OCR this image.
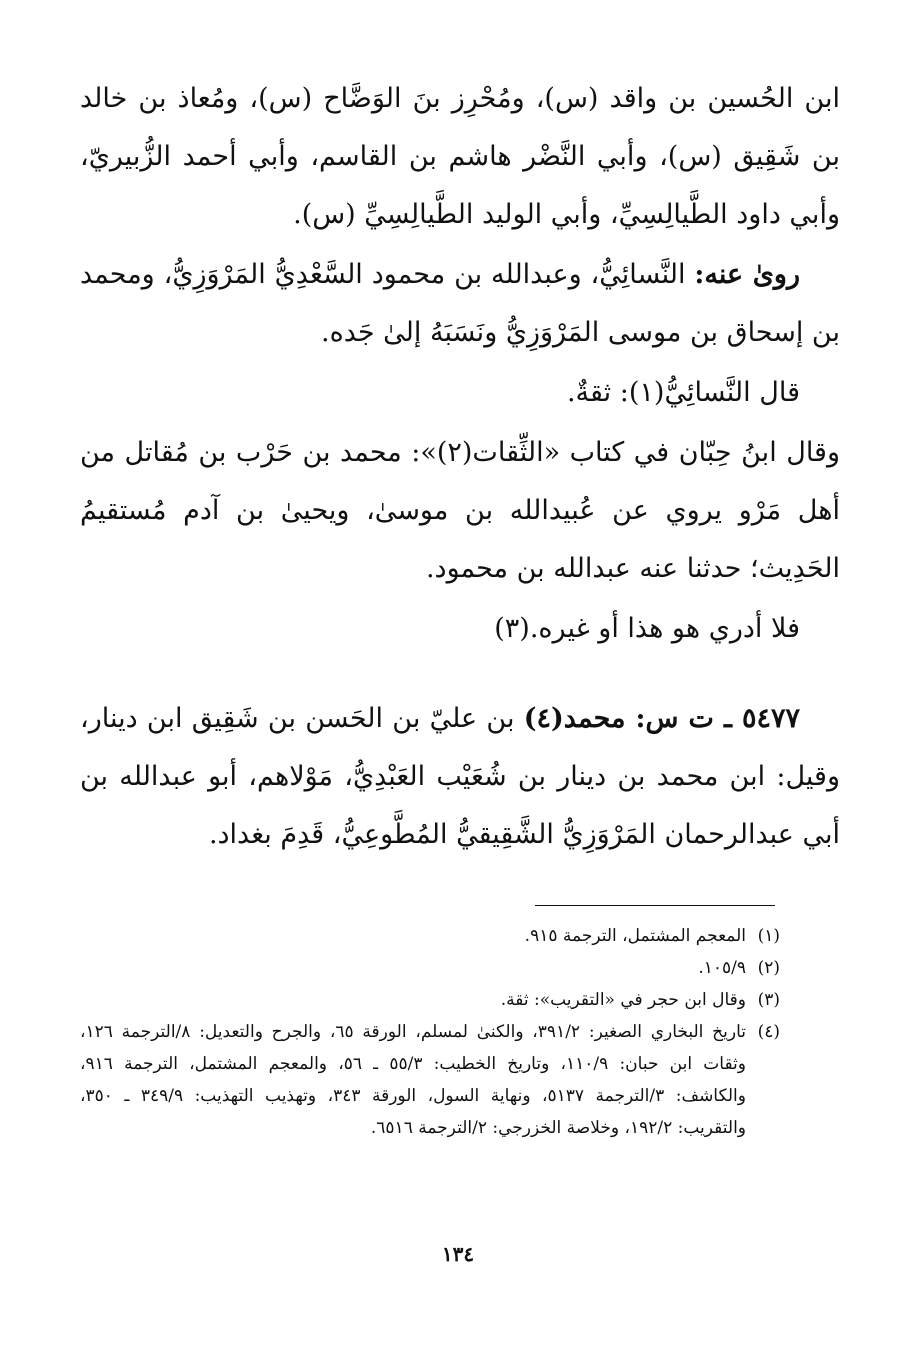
ابن الحُسين بن واقد (س)، ومُحْرِز بنَ الوَضَّاح (س)، ومُعاذ بن خالد بن شَقِيق (س)، وأبي النَّضْر هاشم بن القاسم، وأبي أحمد الزُّبيريّ، وأبي داود الطَّيالِسِيِّ، وأبي الوليد الطَّيالِسِيِّ (س).

روىٰ عنه: النَّسائِيُّ، وعبدالله بن محمود السَّعْدِيُّ المَرْوَزِيُّ، ومحمد بن إسحاق بن موسى المَرْوَزِيُّ ونَسَبَهُ إلىٰ جَده.

قال النَّسائِيُّ(١): ثقةٌ.

وقال ابنُ حِبّان في كتاب «الثِّقات(٢)»: محمد بن حَرْب بن مُقاتل من أهل مَرْو يروي عن عُبيدالله بن موسىٰ، ويحيىٰ بن آدم مُستقيمُ الحَدِيث؛ حدثنا عنه عبدالله بن محمود.

فلا أدري هو هذا أو غيره.(٣)

٥٤٧٧ ـ ت س: محمد(٤) بن عليّ بن الحَسن بن شَقِيق ابن دينار، وقيل: ابن محمد بن دينار بن شُعَيْب العَبْدِيُّ، مَوْلاهم، أبو عبدالله بن أبي عبدالرحمان المَرْوَزِيُّ الشَّقِيقيُّ المُطَّوعِيُّ، قَدِمَ بغداد.

(١)
المعجم المشتمل، الترجمة ٩١٥.
(٢)
١٠٥/٩.
(٣)
وقال ابن حجر في «التقريب»: ثقة.
(٤)
تاريخ البخاري الصغير: ٣٩١/٢، والكنىٰ لمسلم، الورقة ٦٥، والجرح والتعديل: ٨/الترجمة ١٢٦، وثقات ابن حبان: ١١٠/٩، وتاريخ الخطيب: ٥٥/٣ ـ ٥٦، والمعجم المشتمل، الترجمة ٩١٦، والكاشف: ٣/الترجمة ٥١٣٧، ونهاية السول، الورقة ٣٤٣، وتهذيب التهذيب: ٣٤٩/٩ ـ ٣٥٠، والتقريب: ١٩٢/٢، وخلاصة الخزرجي: ٢/الترجمة ٦٥١٦.
١٣٤
